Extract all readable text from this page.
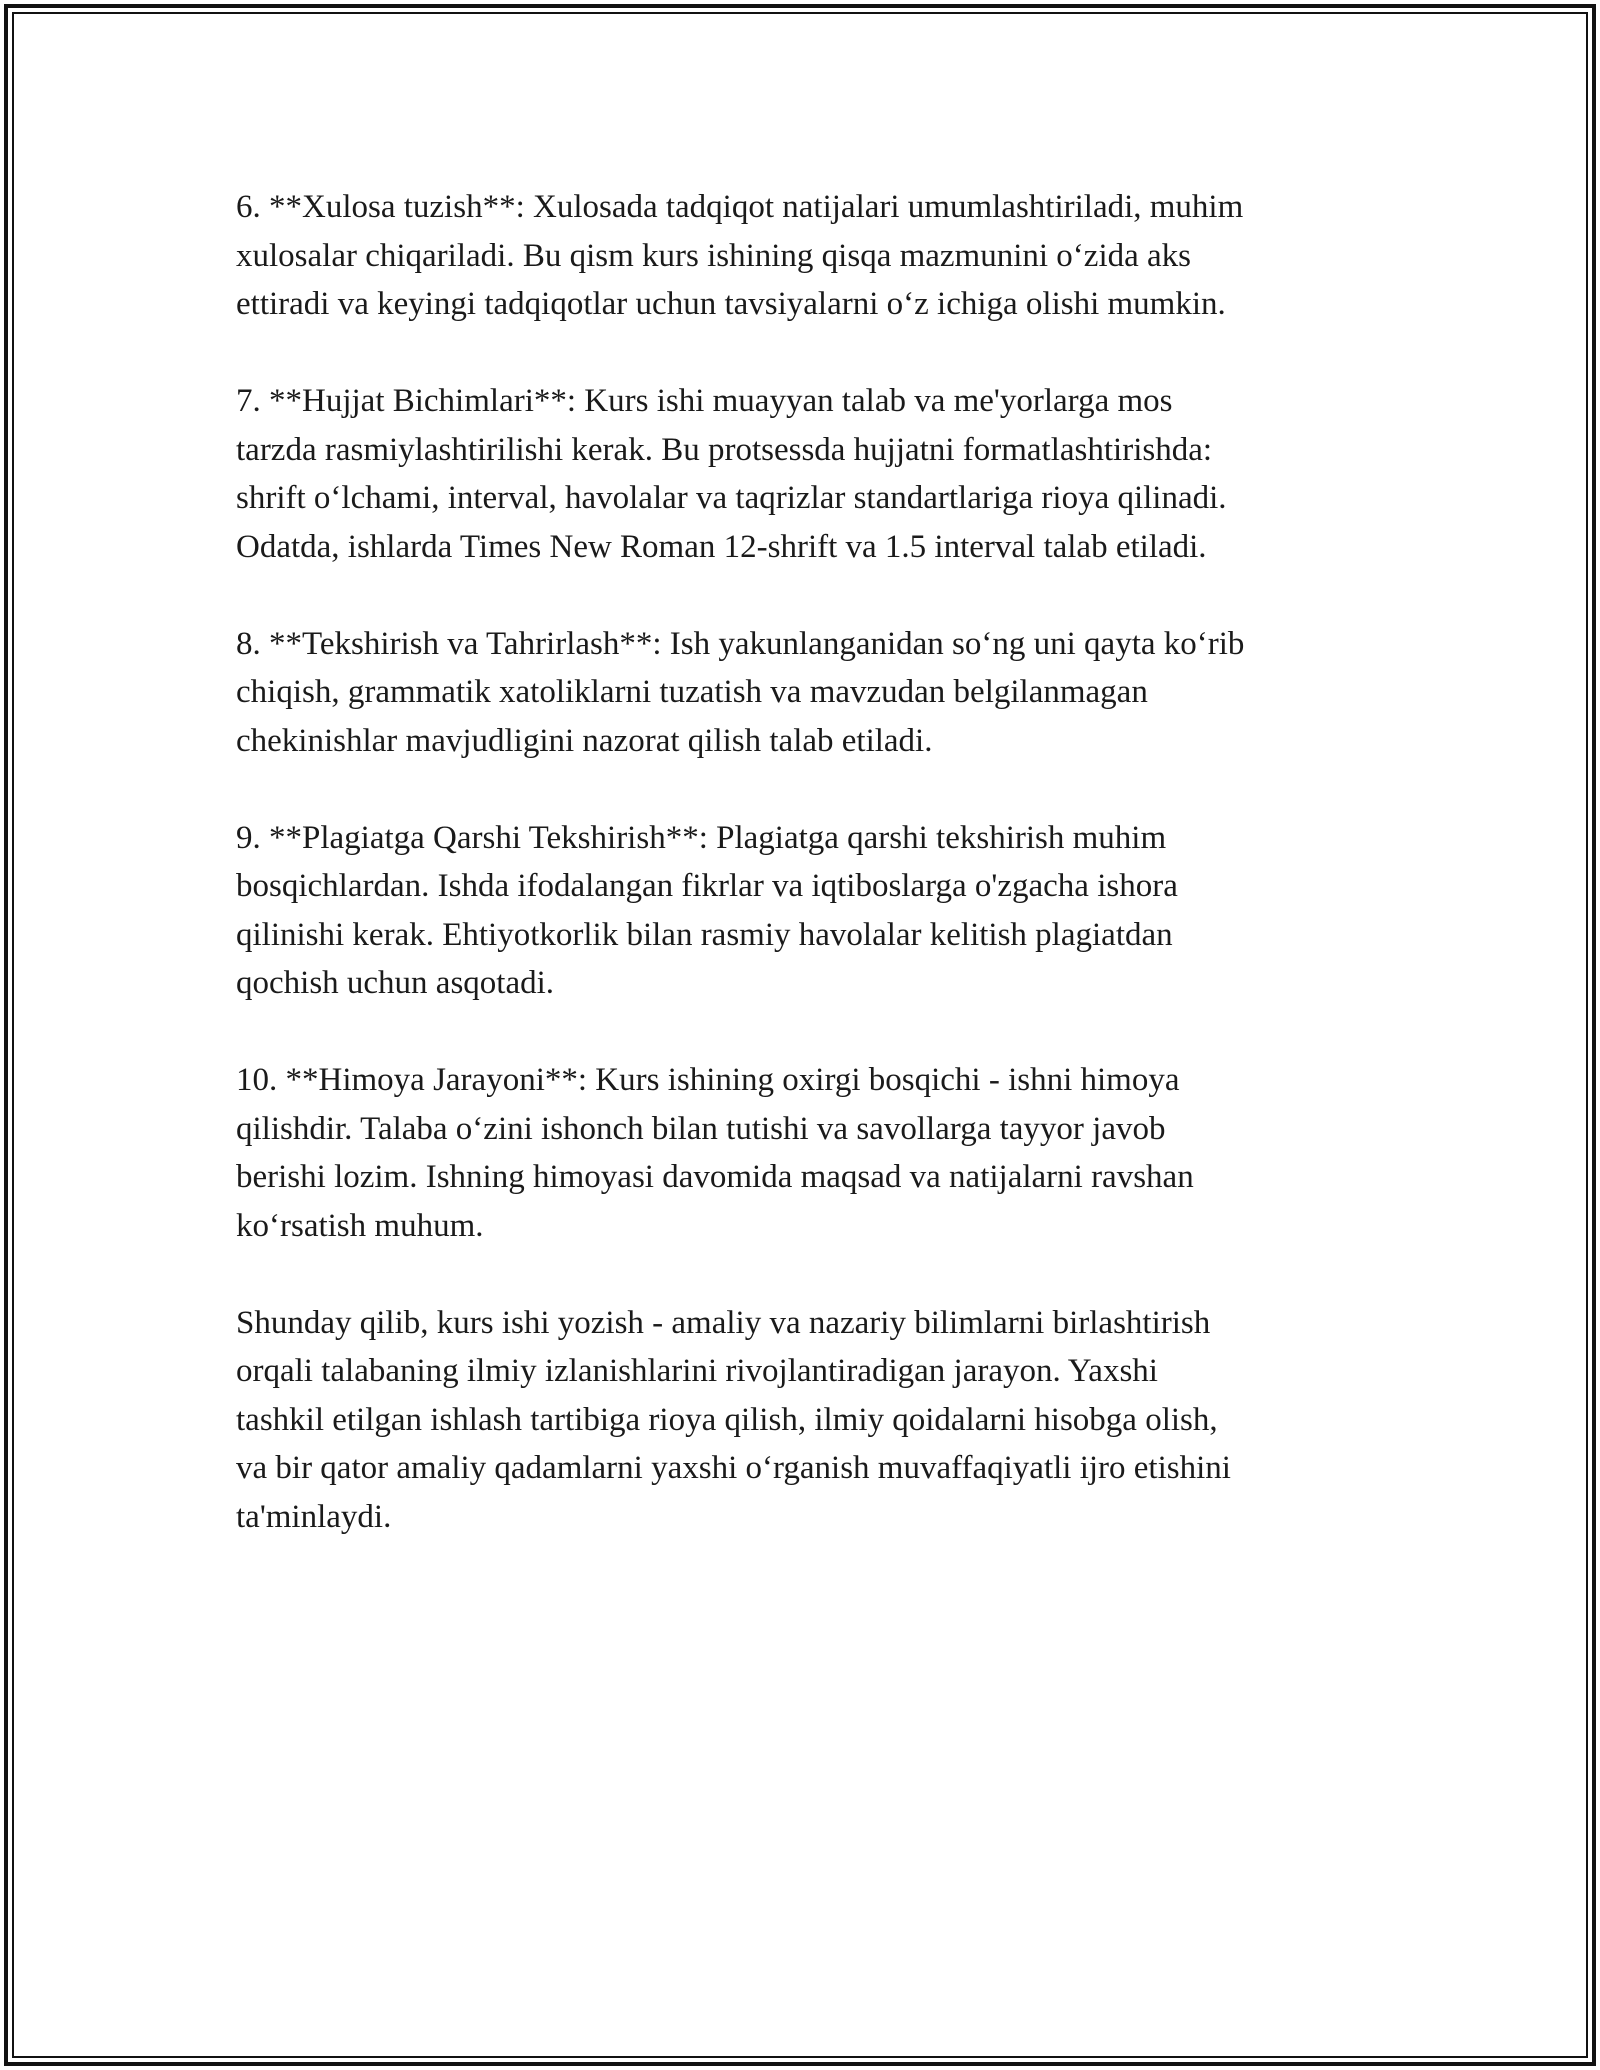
6. **Xulosa tuzish**: Xulosada tadqiqot natijalari umumlashtiriladi, muhim
xulosalar chiqariladi. Bu qism kurs ishining qisqa mazmunini o‘zida aks
ettiradi va keyingi tadqiqotlar uchun tavsiyalarni o‘z ichiga olishi mumkin.

7. **Hujjat Bichimlari**: Kurs ishi muayyan talab va me'yorlarga mos
tarzda rasmiylashtirilishi kerak. Bu protsessda hujjatni formatlashtirishda:
shrift o‘lchami, interval, havolalar va taqrizlar standartlariga rioya qilinadi.
Odatda, ishlarda Times New Roman 12-shrift va 1.5 interval talab etiladi.

8. **Tekshirish va Tahrirlash**: Ish yakunlanganidan so‘ng uni qayta ko‘rib
chiqish, grammatik xatoliklarni tuzatish va mavzudan belgilanmagan
chekinishlar mavjudligini nazorat qilish talab etiladi.

9. **Plagiatga Qarshi Tekshirish**: Plagiatga qarshi tekshirish muhim
bosqichlardan. Ishda ifodalangan fikrlar va iqtiboslarga o'zgacha ishora
qilinishi kerak. Ehtiyotkorlik bilan rasmiy havolalar kelitish plagiatdan
qochish uchun asqotadi.

10. **Himoya Jarayoni**: Kurs ishining oxirgi bosqichi - ishni himoya
qilishdir. Talaba o‘zini ishonch bilan tutishi va savollarga tayyor javob
berishi lozim. Ishning himoyasi davomida maqsad va natijalarni ravshan
ko‘rsatish muhum.

Shunday qilib, kurs ishi yozish - amaliy va nazariy bilimlarni birlashtirish
orqali talabaning ilmiy izlanishlarini rivojlantiradigan jarayon. Yaxshi
tashkil etilgan ishlash tartibiga rioya qilish, ilmiy qoidalarni hisobga olish,
va bir qator amaliy qadamlarni yaxshi o‘rganish muvaffaqiyatli ijro etishini
ta'minlaydi.
